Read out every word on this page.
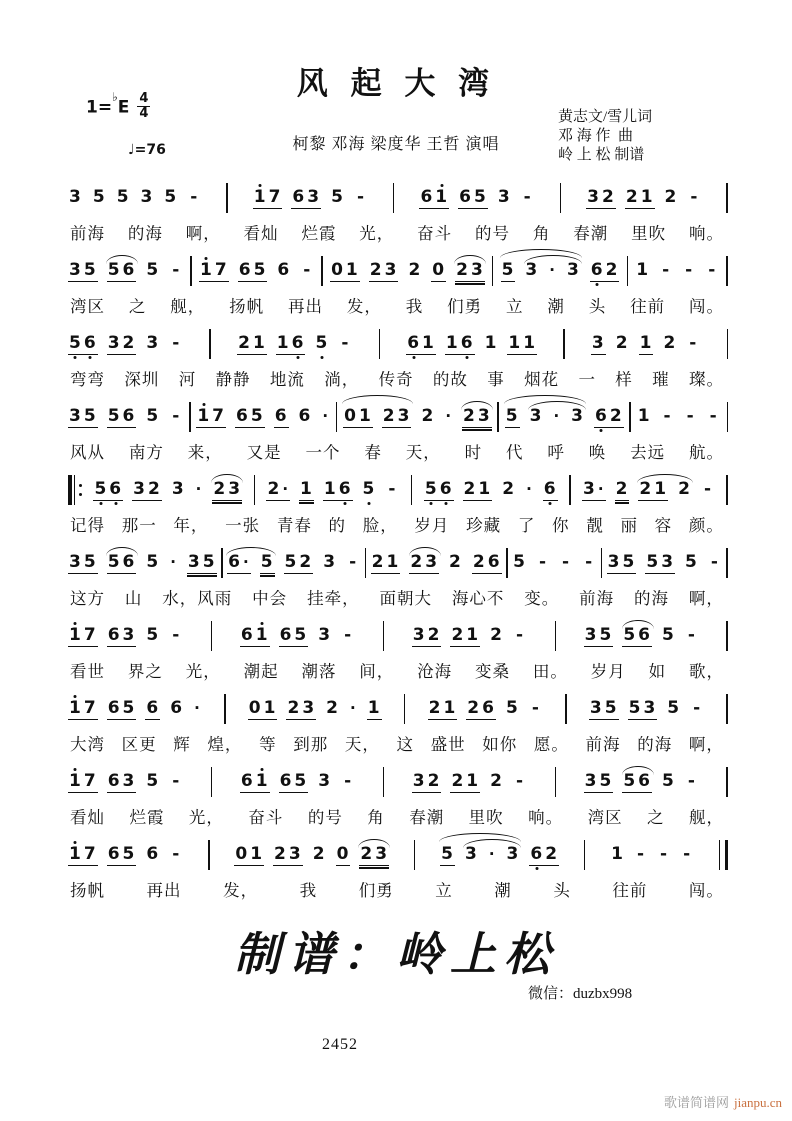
风 起 大 湾
$1=^♭E \frac{4}{4}$
♩=76	柯黎 邓海 梁度华 王哲 演唱
黄志文/雪儿词
邓 海 作  曲
岭 上 松 制谱
3 5 5 3 5 -	1 7 6 3 5 -	6 1 6 5 3 -	3 2 2 1 2 -
前海 的海 啊， 看灿 烂霞 光， 奋斗 的号 角 春潮 里吹 响。
3 5 5 6 5 - 1 7 6 5 6 - 0 1 2 3 2 0 2 3 5 3 · 3 6 2 1 - - -
湾区 之 舰， 扬帆 再出 发， 我 们勇 立 潮 头 往前 闯。
5 6 3 2 3 -	2 1 1 6 5 -	6 1 1 6 1 1 1	3 2 1 2 -
弯弯 深圳 河 静静 地流 淌， 传奇 的故 事 烟花 一 样 璀 璨。
3 5 5 6 5 - 1 7 6 5 6 6 · 0 1 2 3 2 · 2 3 5 3 · 3 6 2 1 - - -
风从 南方 来， 又是 一个 春 天， 时 代 呼 唤 去远 航。
5 6 3 2 3 · 2 3 2 · 1 1 6 5 - 5 6 2 1 2 · 6 3 · 2 2 1 2 -
记得 那一 年， 一张 青春 的 脸， 岁月 珍藏 了 你 靓 丽 容 颜。
3 5 5 6 5 · 3 5 6 · 5 5 2 3 - 2 1 2 3 2 2 6 5 - - - 3 5 5 3 5 -
这方 山 水，风雨 中会 挂牵， 面朝大 海心不 变。 前海 的海 啊，
1 7 6 3 5 -	6 1 6 5 3 -	3 2 2 1 2 -	3 5 5 6 5 -
看世 界之 光， 潮起 潮落 间， 沧海 变桑 田。 岁月 如 歌，
1 7 6 5 6 6 ·	0 1 2 3 2 · 1	2 1 2 6 5 -	3 5 5 3 5 -
大湾 区更 辉 煌， 等 到那 天， 这 盛世 如你 愿。 前海 的海 啊，
1 7 6 3 5 -	6 1 6 5 3 -	3 2 2 1 2 -	3 5 5 6 5 -
看灿 烂霞 光， 奋斗 的号 角 春潮 里吹 响。 湾区 之 舰，
1 7 6 5 6 -	0 1 2 3 2 0 2 3	5 3 · 3 6 2	1 - - -
扬帆	再出	发，	我	们勇	立	潮	头	往前	闯。
制谱：岭上松
微信：duzbx998
2452
歌谱简谱网 jianpu.cn
